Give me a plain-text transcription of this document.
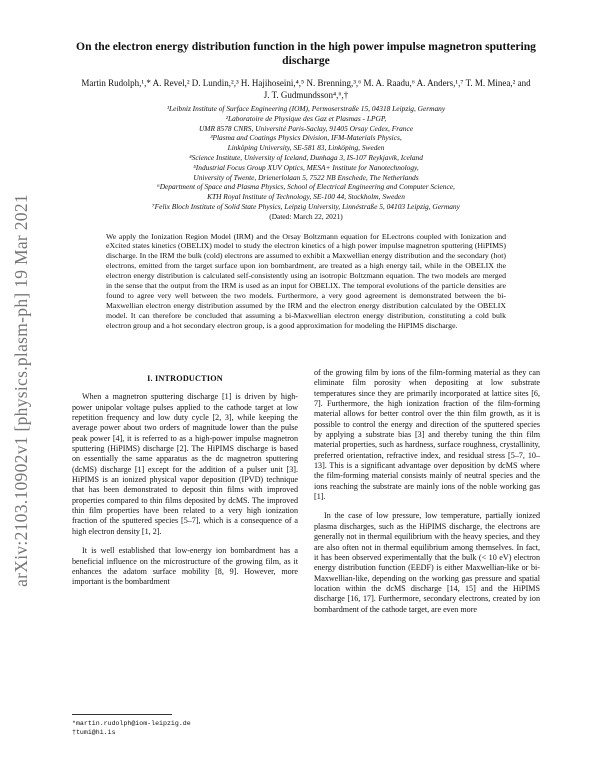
arXiv:2103.10902v1 [physics.plasm-ph] 19 Mar 2021
On the electron energy distribution function in the high power impulse magnetron sputtering discharge
Martin Rudolph,¹,* A. Revel,² D. Lundin,²,³ H. Hajihoseini,⁴,⁵ N. Brenning,³,⁶ M. A. Raadu,⁶ A. Anders,¹,⁷ T. M. Minea,² and J. T. Gudmundsson⁴,⁶,†
¹Leibniz Institute of Surface Engineering (IOM), Permoserstraße 15, 04318 Leipzig, Germany
²Laboratoire de Physique des Gaz et Plasmas - LPGP,
UMR 8578 CNRS, Université Paris-Saclay, 91405 Orsay Cedex, France
³Plasma and Coatings Physics Division, IFM-Materials Physics,
Linköping University, SE-581 83, Linköping, Sweden
⁴Science Institute, University of Iceland, Dunhaga 3, IS-107 Reykjavik, Iceland
⁵Industrial Focus Group XUV Optics, MESA+ Institute for Nanotechnology,
University of Twente, Drienerlolaan 5, 7522 NB Enschede, The Netherlands
⁶Department of Space and Plasma Physics, School of Electrical Engineering and Computer Science,
KTH Royal Institute of Technology, SE-100 44, Stockholm, Sweden
⁷Felix Bloch Institute of Solid State Physics, Leipzig University, Linnéstraße 5, 04103 Leipzig, Germany
(Dated: March 22, 2021)
We apply the Ionization Region Model (IRM) and the Orsay Boltzmann equation for ELectrons coupled with Ionization and eXcited states kinetics (OBELIX) model to study the electron kinetics of a high power impulse magnetron sputtering (HiPIMS) discharge. In the IRM the bulk (cold) electrons are assumed to exhibit a Maxwellian energy distribution and the secondary (hot) electrons, emitted from the target surface upon ion bombardment, are treated as a high energy tail, while in the OBELIX the electron energy distribution is calculated self-consistently using an isotropic Boltzmann equation. The two models are merged in the sense that the output from the IRM is used as an input for OBELIX. The temporal evolutions of the particle densities are found to agree very well between the two models. Furthermore, a very good agreement is demonstrated between the bi-Maxwellian electron energy distribution assumed by the IRM and the electron energy distribution calculated by the OBELIX model. It can therefore be concluded that assuming a bi-Maxwellian electron energy distribution, constituting a cold bulk electron group and a hot secondary electron group, is a good approximation for modeling the HiPIMS discharge.
I. INTRODUCTION

When a magnetron sputtering discharge [1] is driven by high-power unipolar voltage pulses applied to the cathode target at low repetition frequency and low duty cycle [2, 3], while keeping the average power about two orders of magnitude lower than the pulse peak power [4], it is referred to as a high-power impulse magnetron sputtering (HiPIMS) discharge [2]. The HiPIMS discharge is based on essentially the same apparatus as the dc magnetron sputtering (dcMS) discharge [1] except for the addition of a pulser unit [3]. HiPIMS is an ionized physical vapor deposition (IPVD) technique that has been demonstrated to deposit thin films with improved properties compared to thin films deposited by dcMS. The improved thin film properties have been related to a very high ionization fraction of the sputtered species [5–7], which is a consequence of a high electron density [1, 2].

It is well established that low-energy ion bombardment has a beneficial influence on the microstructure of the growing film, as it enhances the adatom surface mobility [8, 9]. However, more important is the bombardment

of the growing film by ions of the film-forming material as they can eliminate film porosity when depositing at low substrate temperatures since they are primarily incorporated at lattice sites [6, 7]. Furthermore, the high ionization fraction of the film-forming material allows for better control over the thin film growth, as it is possible to control the energy and direction of the sputtered species by applying a substrate bias [3] and thereby tuning the thin film material properties, such as hardness, surface roughness, crystallinity, preferred orientation, refractive index, and residual stress [5–7, 10–13]. This is a significant advantage over deposition by dcMS where the film-forming material consists mainly of neutral species and the ions reaching the substrate are mainly ions of the noble working gas [1].

In the case of low pressure, low temperature, partially ionized plasma discharges, such as the HiPIMS discharge, the electrons are generally not in thermal equilibrium with the heavy species, and they are also often not in thermal equilibrium among themselves. In fact, it has been observed experimentally that the bulk (< 10 eV) electron energy distribution function (EEDF) is either Maxwellian-like or bi-Maxwellian-like, depending on the working gas pressure and spatial location within the dcMS discharge [14, 15] and the HiPIMS discharge [16, 17]. Furthermore, secondary electrons, created by ion bombardment of the cathode target, are even more

*martin.rudolph@iom-leipzig.de
†tumi@hi.is
